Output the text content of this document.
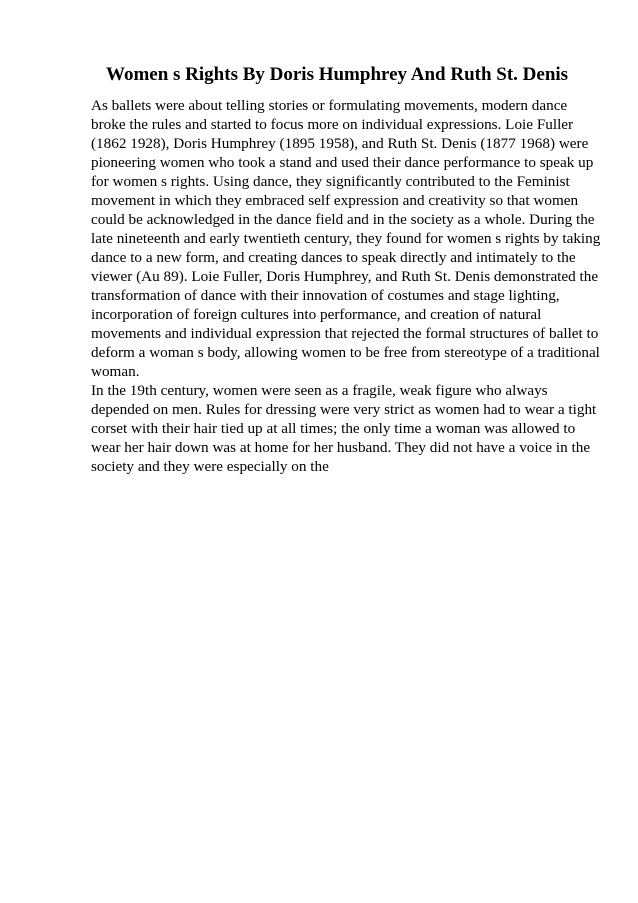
Women s Rights By Doris Humphrey And Ruth St. Denis

As ballets were about telling stories or formulating movements, modern dance

broke the rules and started to focus more on individual expressions. Loie Fuller

(1862 1928), Doris Humphrey (1895 1958), and Ruth St. Denis (1877 1968) were

pioneering women who took a stand and used their dance performance to speak up

for women s rights. Using dance, they significantly contributed to the Feminist

movement in which they embraced self expression and creativity so that women

could be acknowledged in the dance field and in the society as a whole. During the

late nineteenth and early twentieth century, they found for women s rights by taking

dance to a new form, and creating dances to speak directly and intimately to the

viewer (Au 89). Loie Fuller, Doris Humphrey, and Ruth St. Denis demonstrated the

transformation of dance with their innovation of costumes and stage lighting,

incorporation of foreign cultures into performance, and creation of natural

movements and individual expression that rejected the formal structures of ballet to

deform a woman s body, allowing women to be free from stereotype of a traditional

woman.

In the 19th century, women were seen as a fragile, weak figure who always

depended on men. Rules for dressing were very strict as women had to wear a tight

corset with their hair tied up at all times; the only time a woman was allowed to

wear her hair down was at home for her husband. They did not have a voice in the

society and they were especially on the
